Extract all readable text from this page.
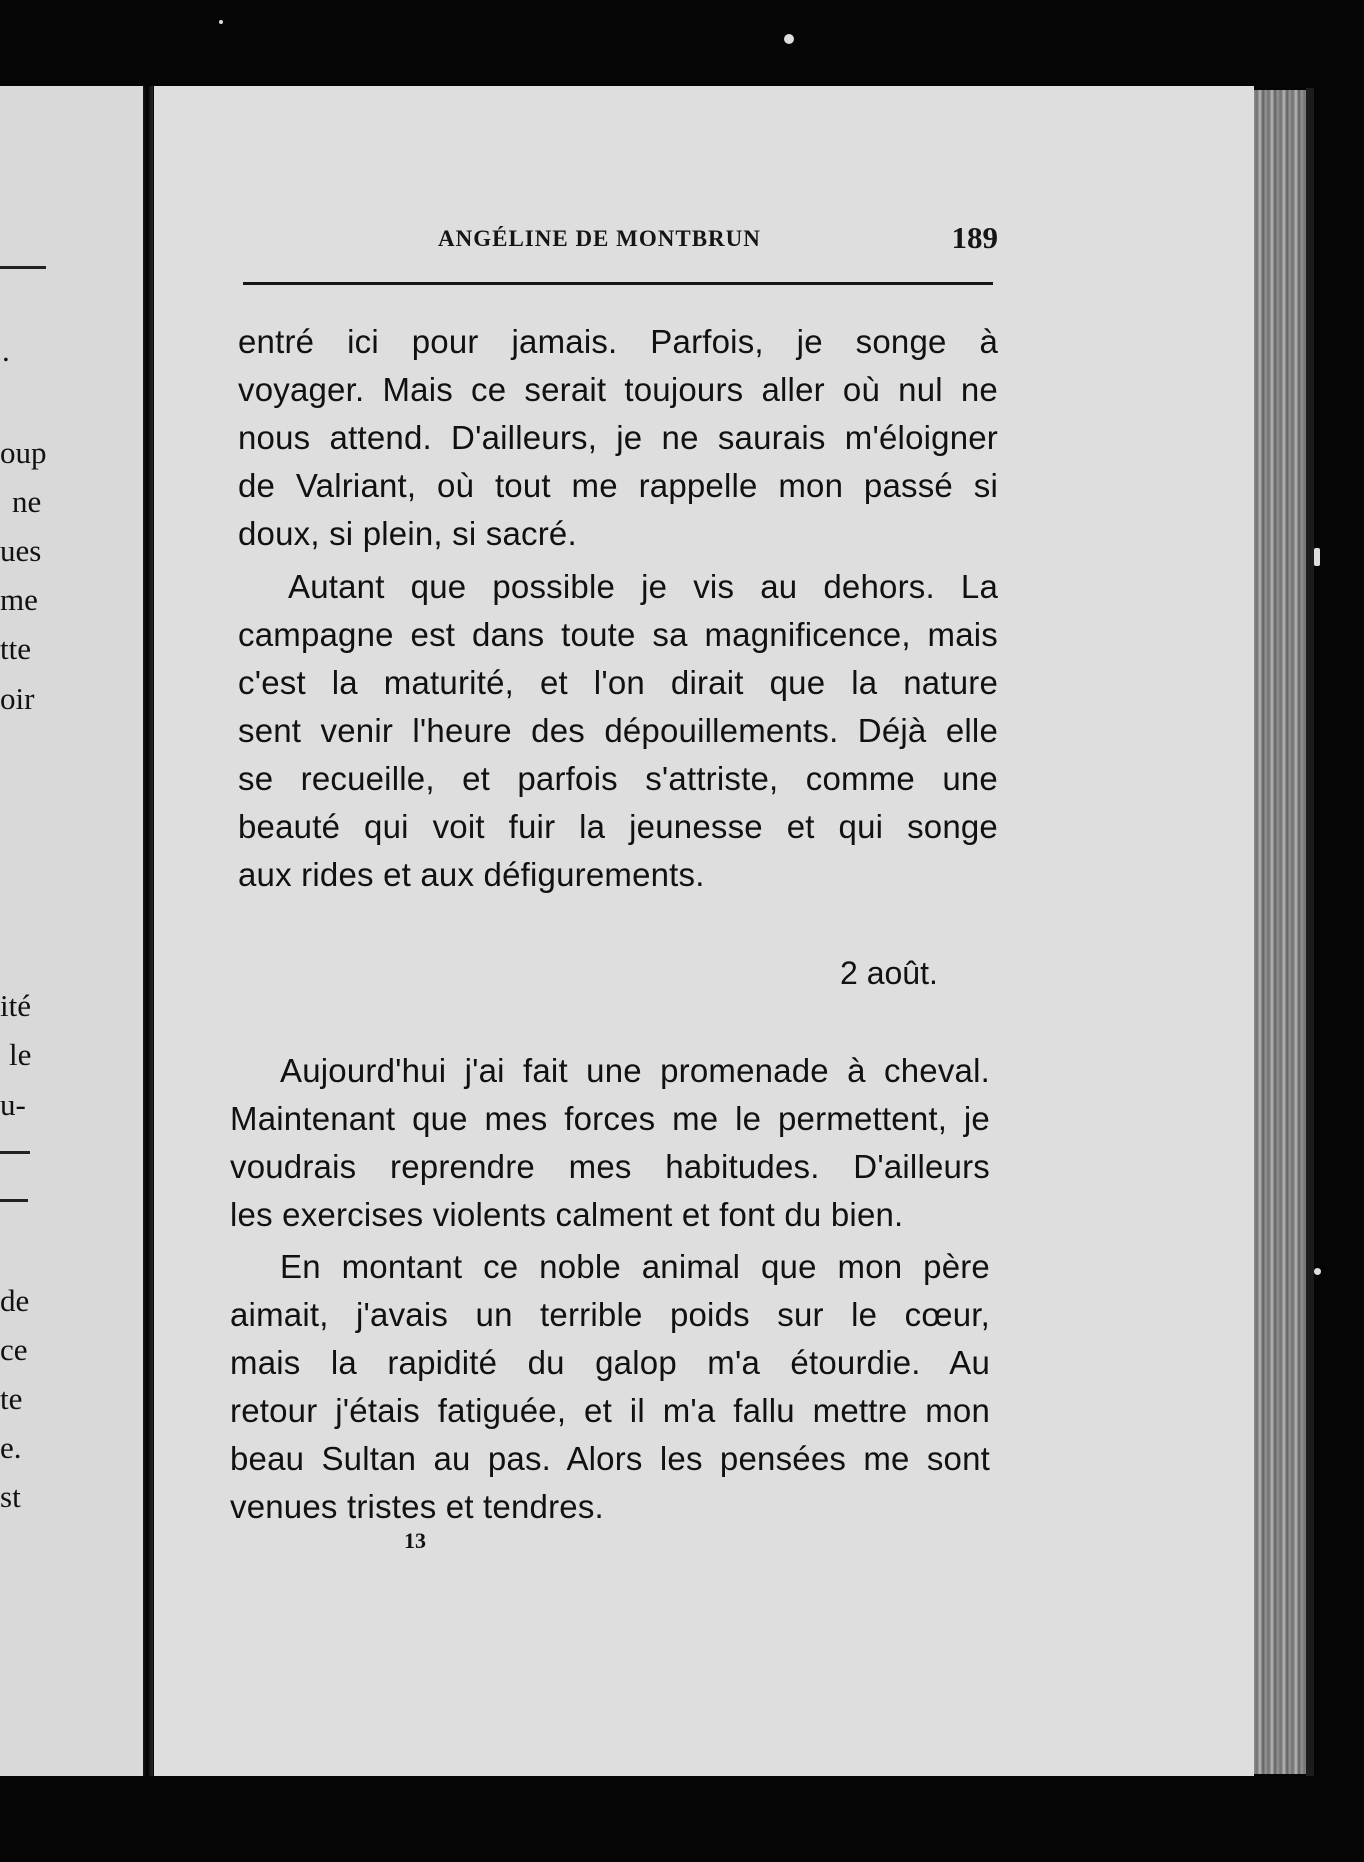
.
oup
ne
ues
me
tte
oir
ité
le
u-
de
ce
te
e.
st
ANGÉLINE DE MONTBRUN	189
entré ici pour jamais. Parfois, je songe à
voyager. Mais ce serait toujours aller où nul ne
nous attend. D'ailleurs, je ne saurais m'éloigner
de Valriant, où tout me rappelle mon passé si
doux, si plein, si sacré.
Autant que possible je vis au dehors. La
campagne est dans toute sa magnificence, mais
c'est la maturité, et l'on dirait que la nature
sent venir l'heure des dépouillements. Déjà elle
se recueille, et parfois s'attriste, comme une
beauté qui voit fuir la jeunesse et qui songe
aux rides et aux défigurements.
2 août.
Aujourd'hui j'ai fait une promenade à cheval.
Maintenant que mes forces me le permettent, je
voudrais reprendre mes habitudes. D'ailleurs
les exercises violents calment et font du bien.
En montant ce noble animal que mon père
aimait, j'avais un terrible poids sur le cœur,
mais la rapidité du galop m'a étourdie. Au
retour j'étais fatiguée, et il m'a fallu mettre mon
beau Sultan au pas. Alors les pensées me sont
venues tristes et tendres.
13
